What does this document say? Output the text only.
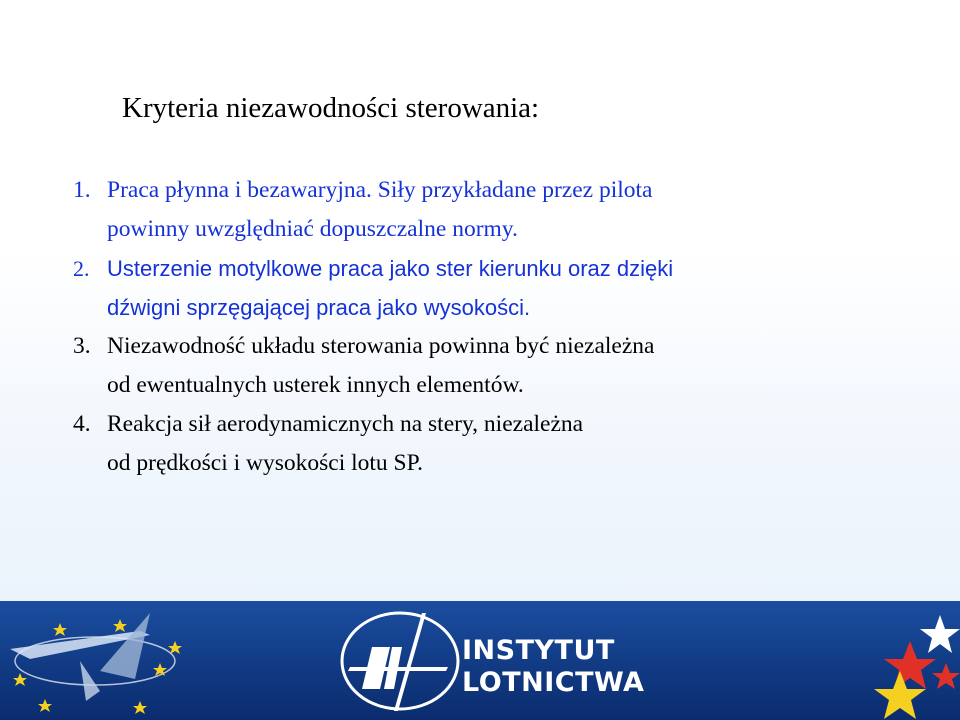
Kryteria niezawodności sterowania:
1. Praca płynna i bezawaryjna. Siły przykładane przez pilota
powinny uwzględniać dopuszczalne normy.
2. Usterzenie motylkowe praca jako ster kierunku oraz dzięki
dźwigni sprzęgającej praca jako wysokości.
3. Niezawodność układu sterowania powinna być niezależna
od ewentualnych usterek innych elementów.
4. Reakcja sił aerodynamicznych na stery, niezależna
od prędkości i wysokości lotu SP.
INSTYTUT
LOTNICTWA
